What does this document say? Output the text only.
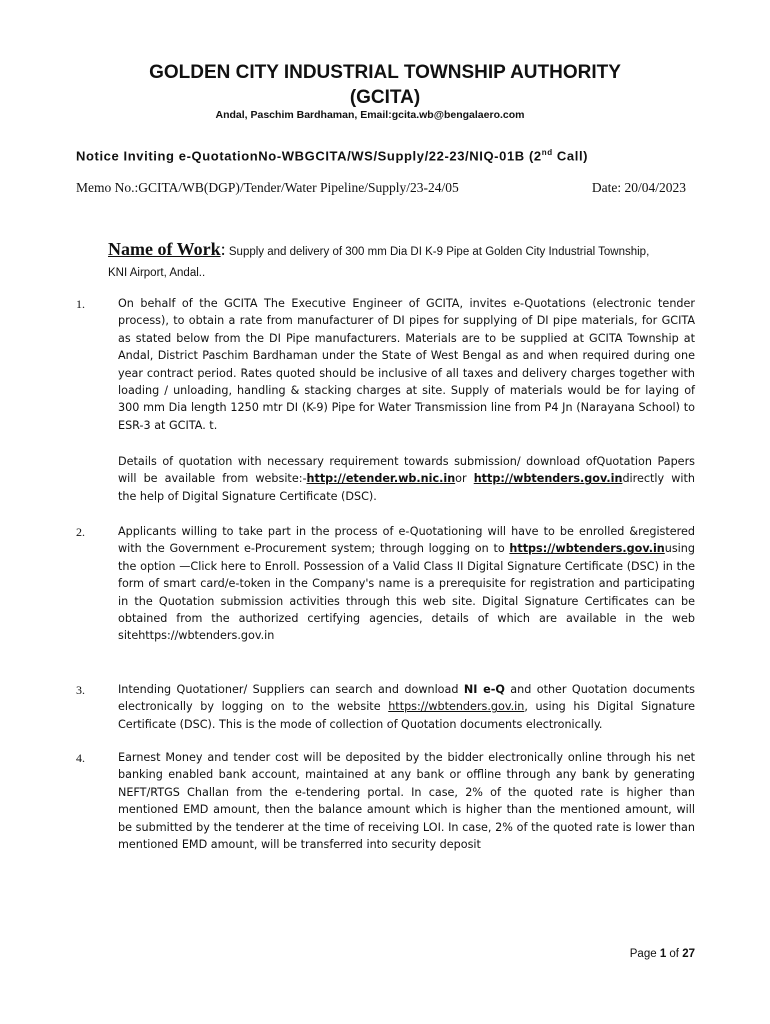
GOLDEN CITY INDUSTRIAL TOWNSHIP AUTHORITY
(GCITA)
Andal, Paschim Bardhaman, Email:gcita.wb@bengalaero.com
Notice Inviting e-QuotationNo-WBGCITA/WS/Supply/22-23/NIQ-01B (2nd Call)
Memo No.:GCITA/WB(DGP)/Tender/Water Pipeline/Supply/23-24/05	Date: 20/04/2023
Name of Work: Supply and delivery of 300 mm Dia DI K-9 Pipe at Golden City Industrial Township, KNI Airport, Andal..
1.	On behalf of the GCITA The Executive Engineer of GCITA, invites e-Quotations (electronic tender process), to obtain a rate from manufacturer of DI pipes for supplying of DI pipe materials, for GCITA as stated below from the DI Pipe manufacturers. Materials are to be supplied at GCITA Township at Andal, District Paschim Bardhaman under the State of West Bengal as and when required during one year contract period. Rates quoted should be inclusive of all taxes and delivery charges together with loading / unloading, handling & stacking charges at site. Supply of materials would be for laying of 300 mm Dia length 1250 mtr DI (K-9) Pipe for Water Transmission line from P4 Jn (Narayana School) to ESR-3 at GCITA. t.
Details of quotation with necessary requirement towards submission/ download ofQuotation Papers will be available from website:-http://etender.wb.nic.inor http://wbtenders.gov.indirectly with the help of Digital Signature Certificate (DSC).
2.	Applicants willing to take part in the process of e-Quotationing will have to be enrolled &registered with the Government e-Procurement system; through logging on to https://wbtenders.gov.inusing the option —Click here to Enroll. Possession of a Valid Class II Digital Signature Certificate (DSC) in the form of smart card/e-token in the Company's name is a prerequisite for registration and participating in the Quotation submission activities through this web site. Digital Signature Certificates can be obtained from the authorized certifying agencies, details of which are available in the web sitehttps://wbtenders.gov.in
3.	Intending Quotationer/ Suppliers can search and download NI e-Q and other Quotation documents electronically by logging on to the website https://wbtenders.gov.in, using his Digital Signature Certificate (DSC). This is the mode of collection of Quotation documents electronically.
4.	Earnest Money and tender cost will be deposited by the bidder electronically online through his net banking enabled bank account, maintained at any bank or offline through any bank by generating NEFT/RTGS Challan from the e-tendering portal. In case, 2% of the quoted rate is higher than mentioned EMD amount, then the balance amount which is higher than the mentioned amount, will be submitted by the tenderer at the time of receiving LOI. In case, 2% of the quoted rate is lower than mentioned EMD amount, will be transferred into security deposit
Page 1 of 27
